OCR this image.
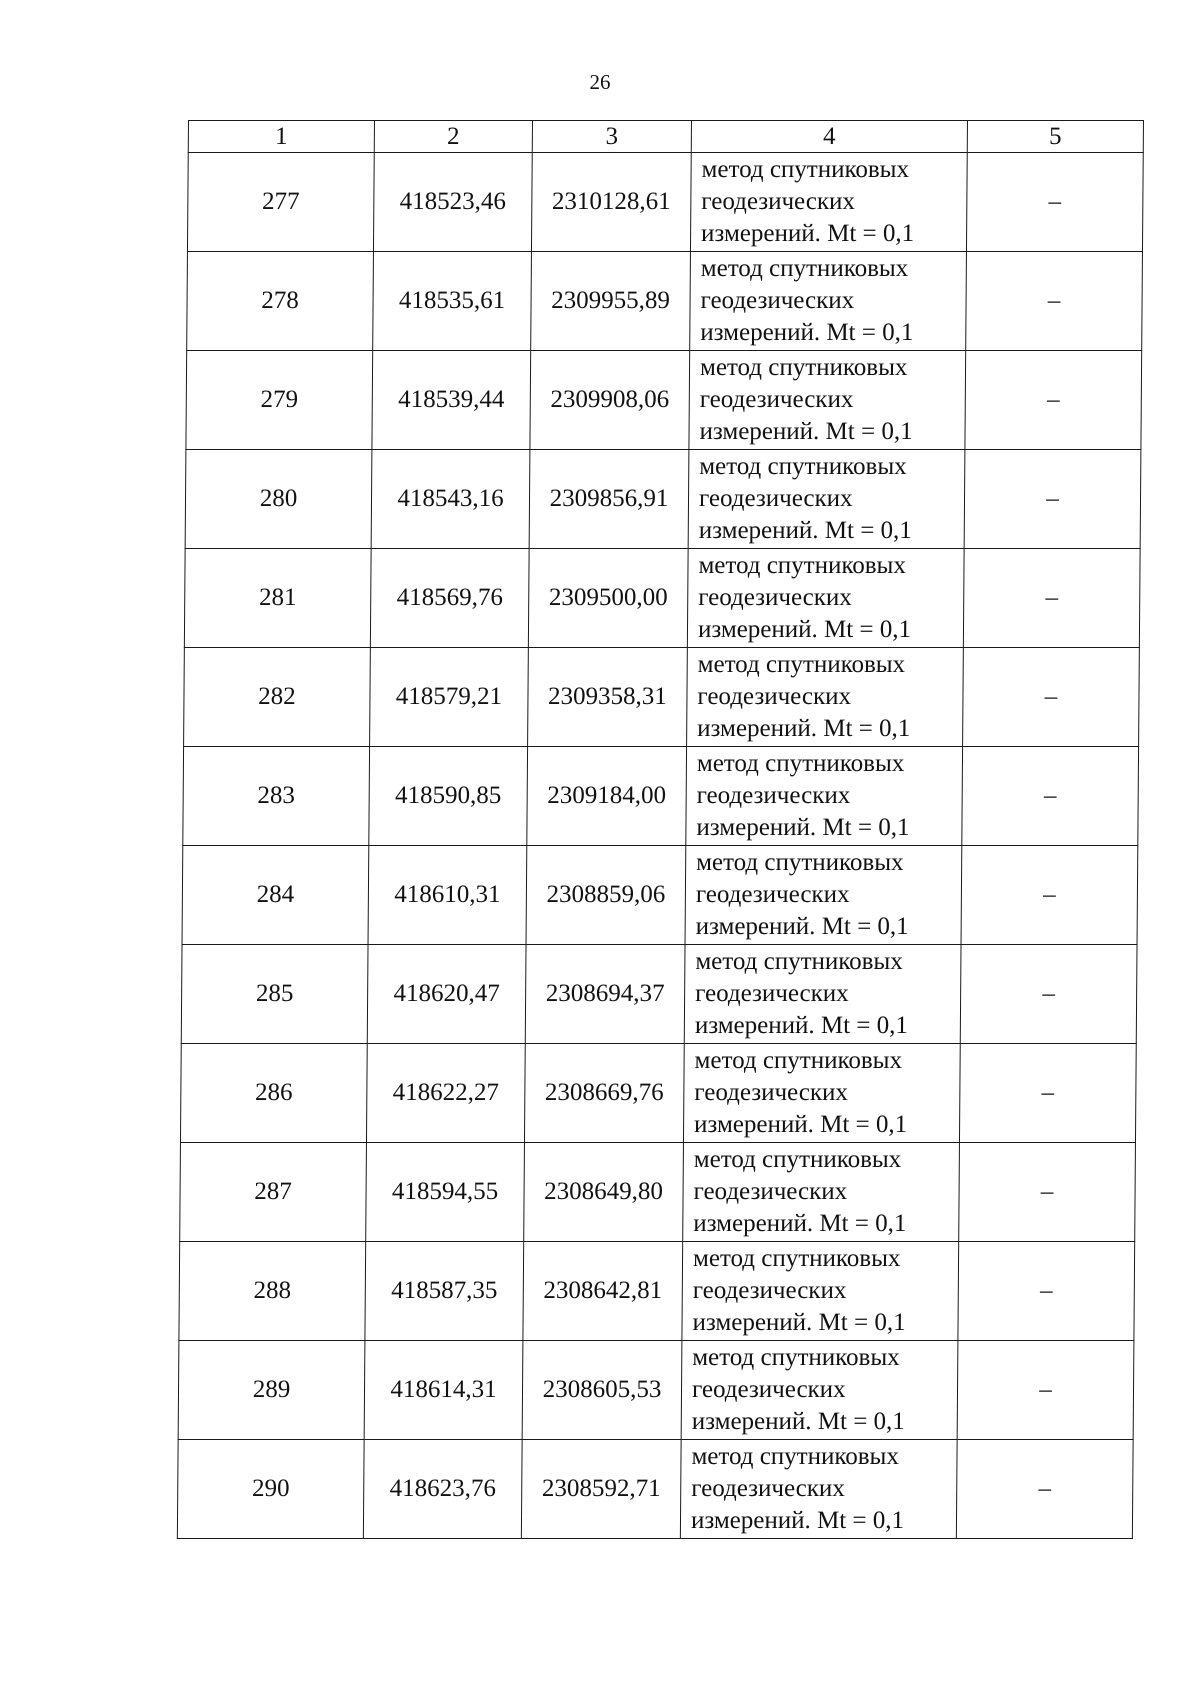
26
1	2	3	4	5
277	418523,46	2310128,61	метод спутниковых
геодезических
измерений. Mt = 0,1	–
278	418535,61	2309955,89	метод спутниковых
геодезических
измерений. Mt = 0,1	–
279	418539,44	2309908,06	метод спутниковых
геодезических
измерений. Mt = 0,1	–
280	418543,16	2309856,91	метод спутниковых
геодезических
измерений. Mt = 0,1	–
281	418569,76	2309500,00	метод спутниковых
геодезических
измерений. Mt = 0,1	–
282	418579,21	2309358,31	метод спутниковых
геодезических
измерений. Mt = 0,1	–
283	418590,85	2309184,00	метод спутниковых
геодезических
измерений. Mt = 0,1	–
284	418610,31	2308859,06	метод спутниковых
геодезических
измерений. Mt = 0,1	–
285	418620,47	2308694,37	метод спутниковых
геодезических
измерений. Mt = 0,1	–
286	418622,27	2308669,76	метод спутниковых
геодезических
измерений. Mt = 0,1	–
287	418594,55	2308649,80	метод спутниковых
геодезических
измерений. Mt = 0,1	–
288	418587,35	2308642,81	метод спутниковых
геодезических
измерений. Mt = 0,1	–
289	418614,31	2308605,53	метод спутниковых
геодезических
измерений. Mt = 0,1	–
290	418623,76	2308592,71	метод спутниковых
геодезических
измерений. Mt = 0,1	–
